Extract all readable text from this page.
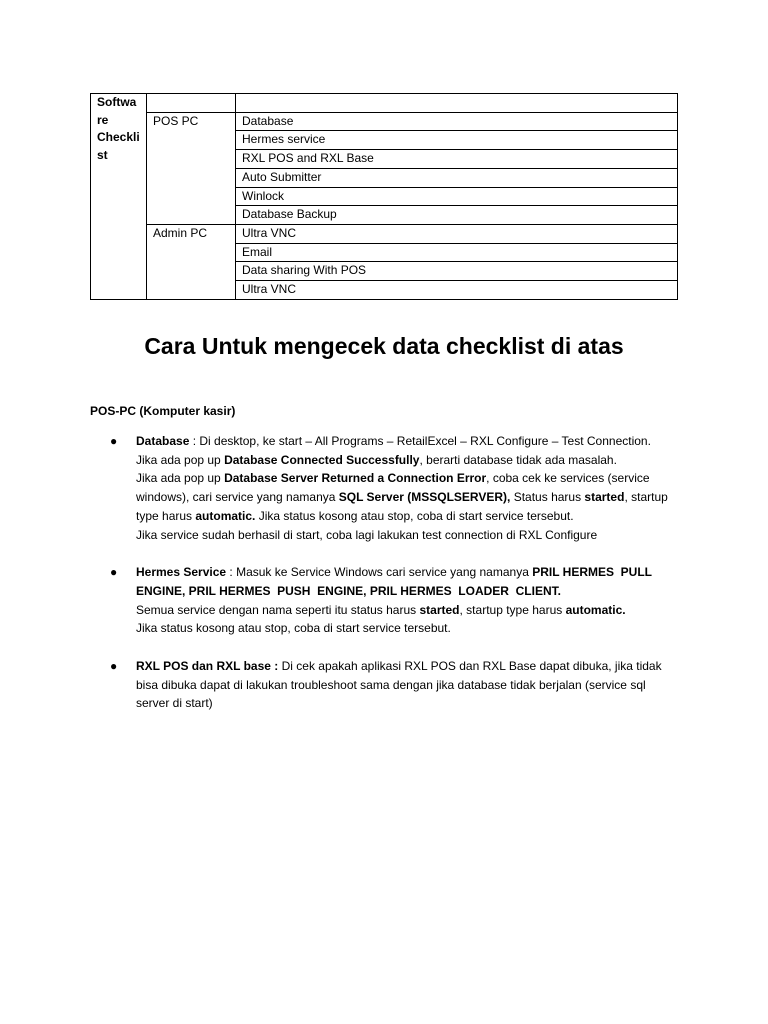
Softwa
re
Checkli
st		

	POS PC	Database
		Hermes service
		RXL POS and RXL Base
		Auto Submitter
		Winlock
		Database Backup
	Admin PC	Ultra VNC
		Email
		Data sharing With POS
		Ultra VNC
Cara Untuk mengecek data checklist di atas

POS-PC (Komputer kasir)

● Database : Di desktop, ke start – All Programs – RetailExcel – RXL Configure – Test Connection.
Jika ada pop up Database Connected Successfully, berarti database tidak ada masalah.
Jika ada pop up Database Server Returned a Connection Error, coba cek ke services (service
windows), cari service yang namanya SQL Server (MSSQLSERVER), Status harus started, startup
type harus automatic. Jika status kosong atau stop, coba di start service tersebut.
Jika service sudah berhasil di start, coba lagi lakukan test connection di RXL Configure
● Hermes Service : Masuk ke Service Windows cari service yang namanya PRIL HERMES  PULL
ENGINE, PRIL HERMES  PUSH  ENGINE, PRIL HERMES  LOADER  CLIENT.
Semua service dengan nama seperti itu status harus started, startup type harus automatic.
Jika status kosong atau stop, coba di start service tersebut.
● RXL POS dan RXL base : Di cek apakah aplikasi RXL POS dan RXL Base dapat dibuka, jika tidak
bisa dibuka dapat di lakukan troubleshoot sama dengan jika database tidak berjalan (service sql
server di start)
